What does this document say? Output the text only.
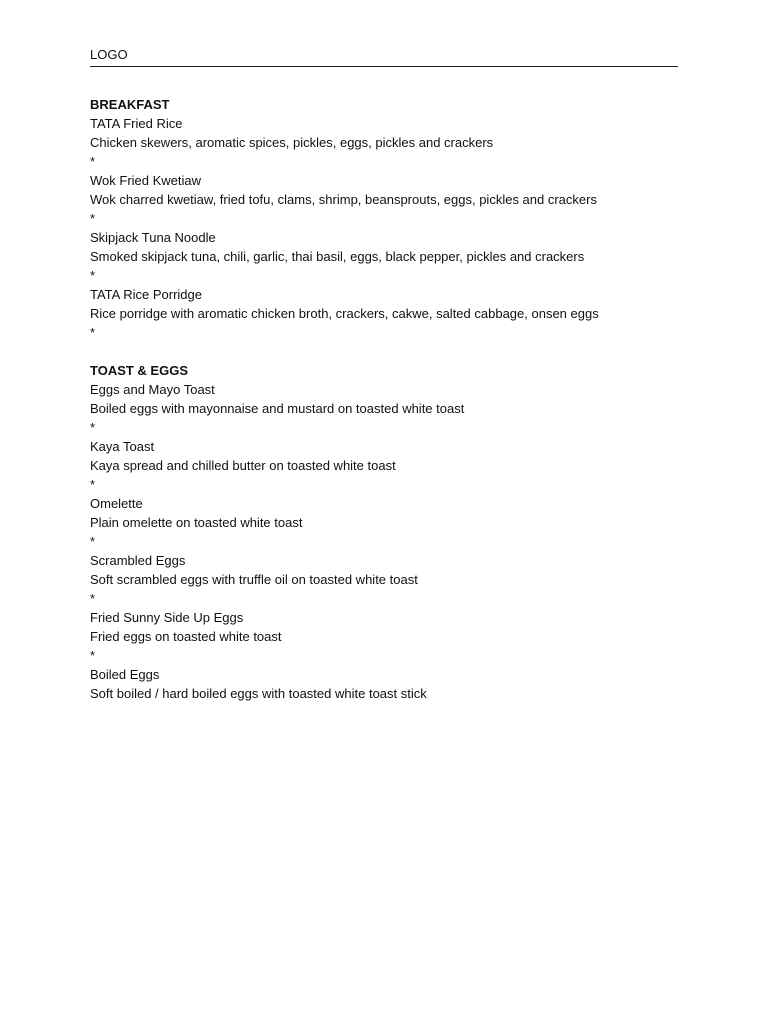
LOGO
BREAKFAST
TATA Fried Rice
Chicken skewers, aromatic spices, pickles, eggs, pickles and crackers
*
Wok Fried Kwetiaw
Wok charred kwetiaw, fried tofu, clams, shrimp, beansprouts, eggs, pickles and crackers
*
Skipjack Tuna Noodle
Smoked skipjack tuna, chili, garlic, thai basil, eggs, black pepper, pickles and crackers
*
TATA Rice Porridge
Rice porridge with aromatic chicken broth, crackers, cakwe, salted cabbage, onsen eggs
*
TOAST & EGGS
Eggs and Mayo Toast
Boiled eggs with mayonnaise and mustard on toasted white toast
*
Kaya Toast
Kaya spread and chilled butter on toasted white toast
*
Omelette
Plain omelette on toasted white toast
*
Scrambled Eggs
Soft scrambled eggs with truffle oil on toasted white toast
*
Fried Sunny Side Up Eggs
Fried eggs on toasted white toast
*
Boiled Eggs
Soft boiled / hard boiled eggs with toasted white toast stick
